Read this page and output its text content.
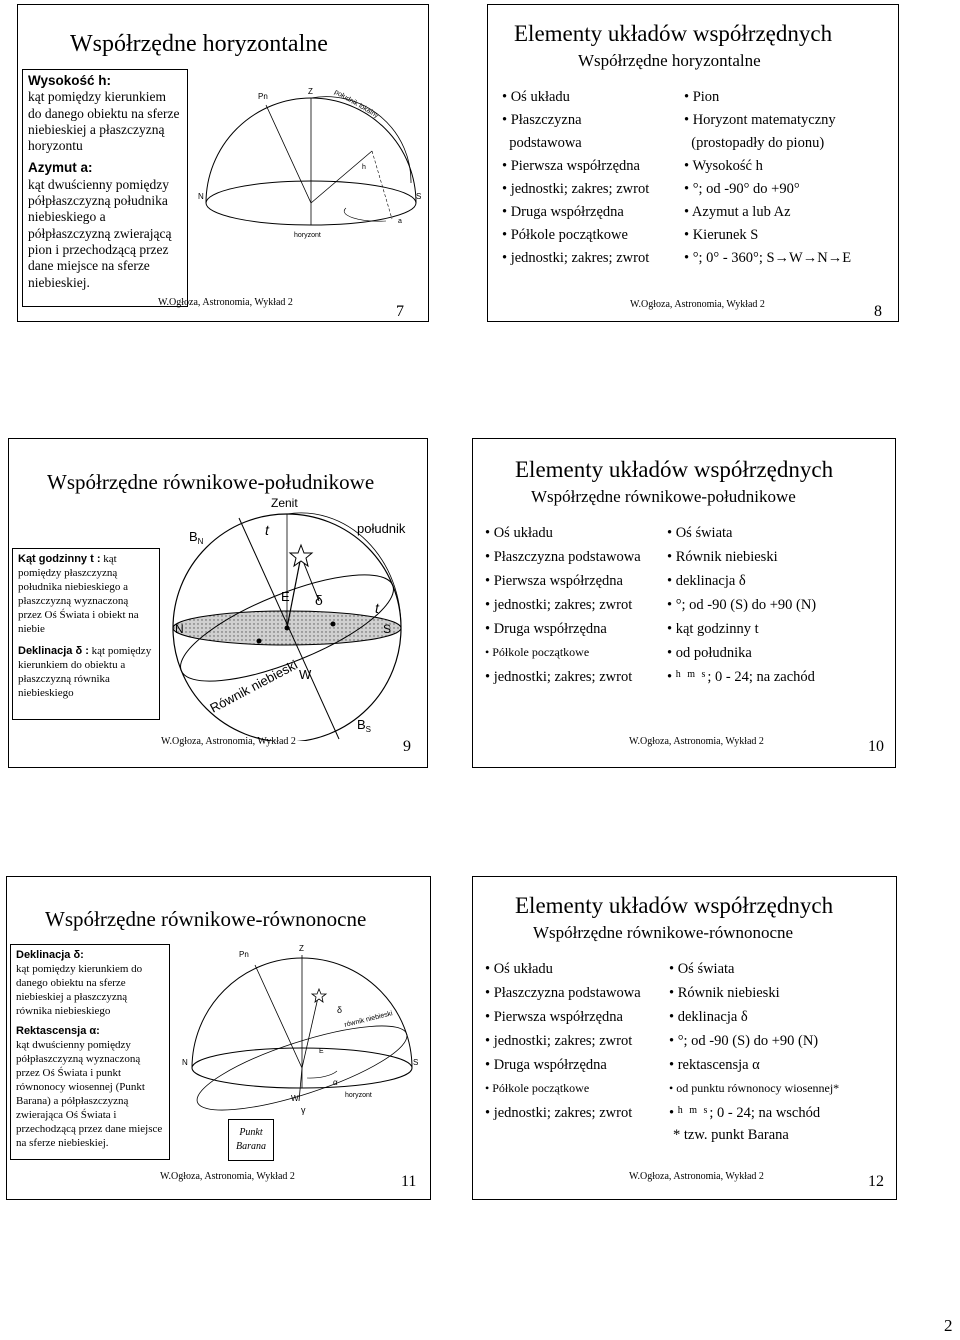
Współrzędne horyzontalne
Wysokość h:
kąt pomiędzy kierunkiem do danego obiektu na sferze niebieskiej a płaszczyzną horyzontu
Azymut a:
kąt dwuścienny pomiędzy półpłaszczyzną południka niebieskiego a półpłaszczyzną zwierającą pion i przechodzącą przez dane miejsce na sferze niebieskiej.
Pn
Z	południk lokalny
h
N	S
a
horyzont
W.Ogłoza, Astronomia, Wykład 2
7
Elementy układów współrzędnych
Współrzędne horyzontalne
• Oś układu	• Pion
• Płaszczyzna	• Horyzont matematyczny
podstawowa	(prostopadły do pionu)
• Pierwsza współrzędna	• Wysokość h
• jednostki; zakres; zwrot • °; od -90° do +90°
• Druga współrzędna	• Azymut a lub Az
• Półkole początkowe	• Kierunek S
• jednostki; zakres; zwrot • °; 0° - 360°; S→W→N→E
W.Ogłoza, Astronomia, Wykład 2	8
Współrzędne równikowe-południkowe
Kąt godzinny t : kąt pomiędzy płaszczyzną południka niebieskiego a płaszczyzną wyznaczoną przez Oś Świata i obiekt na niebie
Deklinacja δ : kąt pomiędzy kierunkiem do obiektu a płaszczyzną równika niebieskiego
Zenit
$B_N$
t	południk
E δ	t
N	S
W
Równik niebieski
$B_S$
W.Ogłoza, Astronomia, Wykład 2	9
Elementy układów współrzędnych
Współrzędne równikowe-południkowe
• Oś układu	• Oś świata
• Płaszczyzna podstawowa • Równik niebieski
• Pierwsza współrzędna	• deklinacja δ
• jednostki; zakres; zwrot • °; od -90 (S) do +90 (N)
• Druga współrzędna	• kąt godzinny t
• Półkole początkowe	• od południka
• jednostki; zakres; zwrot • $^{h m s}$; 0 - 24; na zachód
W.Ogłoza, Astronomia, Wykład 2	10
Współrzędne równikowe-równonocne
Deklinacja δ:
kąt pomiędzy kierunkiem do danego obiektu na sferze niebieskiej a płaszczyzną równika niebieskiego
Rektascensja α:
kąt dwuścienny pomiędzy półpłaszczyzną wyznaczoną przez Oś Świata i punkt równonocy wiosennej (Punkt Barana) a półpłaszczyzną zwierająca Oś Świata i przechodzącą przez dane miejsce na sferze niebieskiej.
Pn
Z
δ
równik niebieski
N	S
E
α
W
γ
horyzont
Punkt
Barana
W.Ogłoza, Astronomia, Wykład 2	11
Elementy układów współrzędnych
Współrzędne równikowe-równonocne
• Oś układu	• Oś świata
• Płaszczyzna podstawowa • Równik niebieski
• Pierwsza współrzędna	• deklinacja δ
• jednostki; zakres; zwrot	• °; od -90 (S) do +90 (N)
• Druga współrzędna	• rektascensja α
• Półkole początkowe	• od punktu równonocy wiosennej*
• jednostki; zakres; zwrot	• $^{h m s}$; 0 - 24; na wschód
* tzw. punkt Barana
W.Ogłoza, Astronomia, Wykład 2	12
2
